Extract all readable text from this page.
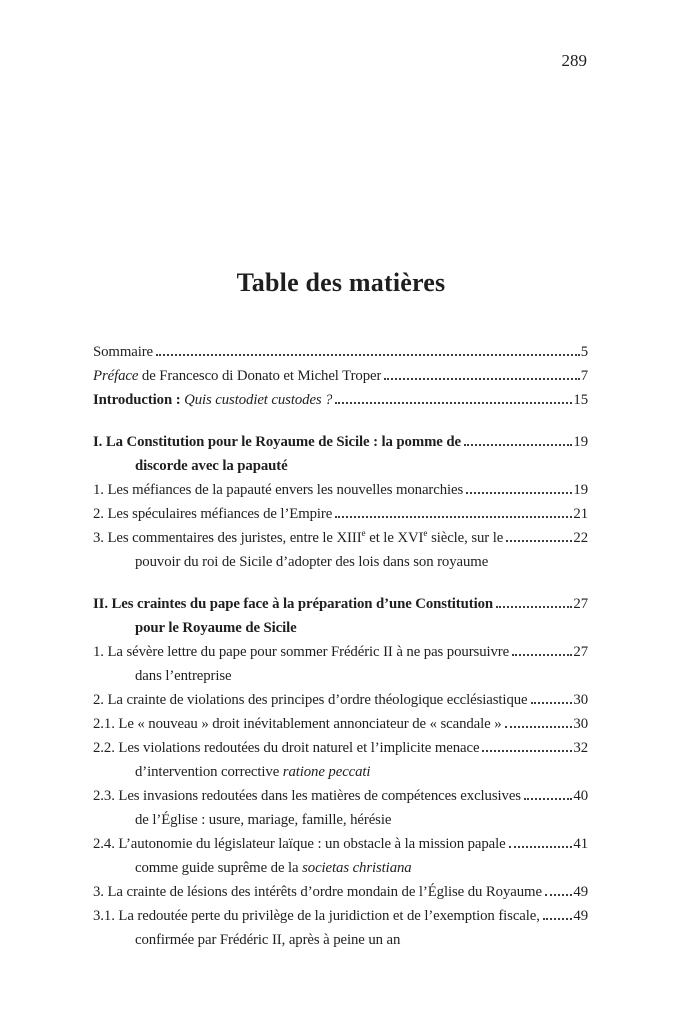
289
Table des matières
Sommaire	5
Préface de Francesco di Donato et Michel Troper	7
Introduction : Quis custodiet custodes ?	15
I. La Constitution pour le Royaume de Sicile : la pomme de	19
discorde avec la papauté
1. Les méfiances de la papauté envers les nouvelles monarchies	19
2. Les spéculaires méfiances de l’Empire	21
3. Les commentaires des juristes, entre le XIIIe et le XVIe siècle, sur le	22
pouvoir du roi de Sicile d’adopter des lois dans son royaume
II. Les craintes du pape face à la préparation d’une Constitution	27
pour le Royaume de Sicile
1. La sévère lettre du pape pour sommer Frédéric II à ne pas poursuivre	27
dans l’entreprise
2. La crainte de violations des principes d’ordre théologique ecclésiastique	30
2.1. Le « nouveau » droit inévitablement annonciateur de « scandale »	30
2.2. Les violations redoutées du droit naturel et l’implicite menace	32
d’intervention corrective ratione peccati
2.3. Les invasions redoutées dans les matières de compétences exclusives	40
de l’Église : usure, mariage, famille, hérésie
2.4. L’autonomie du législateur laïque : un obstacle à la mission papale	41
comme guide suprême de la societas christiana
3. La crainte de lésions des intérêts d’ordre mondain de l’Église du Royaume 49
3.1. La redoutée perte du privilège de la juridiction et de l’exemption fiscale, 49
confirmée par Frédéric II, après à peine un an
